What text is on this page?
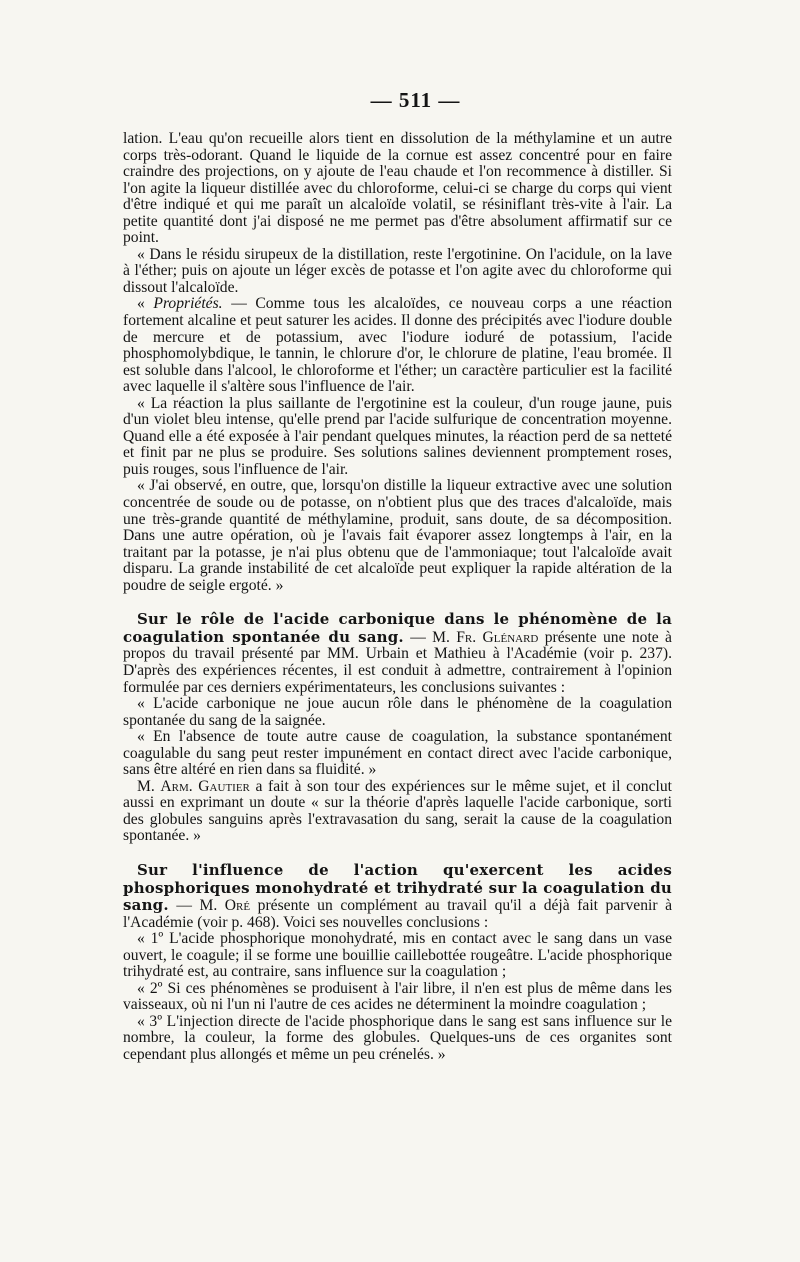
— 511 —

lation. L'eau qu'on recueille alors tient en dissolution de la méthylamine et un autre corps très-odorant. Quand le liquide de la cornue est assez concentré pour en faire craindre des projections, on y ajoute de l'eau chaude et l'on recommence à distiller. Si l'on agite la liqueur distillée avec du chloroforme, celui-ci se charge du corps qui vient d'être indiqué et qui me paraît un alcaloïde volatil, se résiniflant très-vite à l'air. La petite quantité dont j'ai disposé ne me permet pas d'être absolument affirmatif sur ce point.

« Dans le résidu sirupeux de la distillation, reste l'ergotinine. On l'acidule, on la lave à l'éther; puis on ajoute un léger excès de potasse et l'on agite avec du chloroforme qui dissout l'alcaloïde.

« Propriétés. — Comme tous les alcaloïdes, ce nouveau corps a une réaction fortement alcaline et peut saturer les acides. Il donne des précipités avec l'iodure double de mercure et de potassium, avec l'iodure ioduré de potassium, l'acide phosphomolybdique, le tannin, le chlorure d'or, le chlorure de platine, l'eau bromée. Il est soluble dans l'alcool, le chloroforme et l'éther; un caractère particulier est la facilité avec laquelle il s'altère sous l'influence de l'air.

« La réaction la plus saillante de l'ergotinine est la couleur, d'un rouge jaune, puis d'un violet bleu intense, qu'elle prend par l'acide sulfurique de concentration moyenne. Quand elle a été exposée à l'air pendant quelques minutes, la réaction perd de sa netteté et finit par ne plus se produire. Ses solutions salines deviennent promptement roses, puis rouges, sous l'influence de l'air.

« J'ai observé, en outre, que, lorsqu'on distille la liqueur extractive avec une solution concentrée de soude ou de potasse, on n'obtient plus que des traces d'alcaloïde, mais une très-grande quantité de méthylamine, produit, sans doute, de sa décomposition. Dans une autre opération, où je l'avais fait évaporer assez longtemps à l'air, en la traitant par la potasse, je n'ai plus obtenu que de l'ammoniaque; tout l'alcaloïde avait disparu. La grande instabilité de cet alcaloïde peut expliquer la rapide altération de la poudre de seigle ergoté. »

Sur le rôle de l'acide carbonique dans le phénomène de la coagulation spontanée du sang. — M. Fr. Glénard présente une note à propos du travail présenté par MM. Urbain et Mathieu à l'Académie (voir p. 237). D'après des expériences récentes, il est conduit à admettre, contrairement à l'opinion formulée par ces derniers expérimentateurs, les conclusions suivantes :

« L'acide carbonique ne joue aucun rôle dans le phénomène de la coagulation spontanée du sang de la saignée.

« En l'absence de toute autre cause de coagulation, la substance spontanément coagulable du sang peut rester impunément en contact direct avec l'acide carbonique, sans être altéré en rien dans sa fluidité. »

M. Arm. Gautier a fait à son tour des expériences sur le même sujet, et il conclut aussi en exprimant un doute « sur la théorie d'après laquelle l'acide carbonique, sorti des globules sanguins après l'extravasation du sang, serait la cause de la coagulation spontanée. »

Sur l'influence de l'action qu'exercent les acides phosphoriques monohydraté et trihydraté sur la coagulation du sang. — M. Oré présente un complément au travail qu'il a déjà fait parvenir à l'Académie (voir p. 468). Voici ses nouvelles conclusions :

« 1º L'acide phosphorique monohydraté, mis en contact avec le sang dans un vase ouvert, le coagule; il se forme une bouillie caillebottée rougeâtre. L'acide phosphorique trihydraté est, au contraire, sans influence sur la coagulation ;

« 2º Si ces phénomènes se produisent à l'air libre, il n'en est plus de même dans les vaisseaux, où ni l'un ni l'autre de ces acides ne déterminent la moindre coagulation ;

« 3º L'injection directe de l'acide phosphorique dans le sang est sans influence sur le nombre, la couleur, la forme des globules. Quelques-uns de ces organites sont cependant plus allongés et même un peu crénelés. »
